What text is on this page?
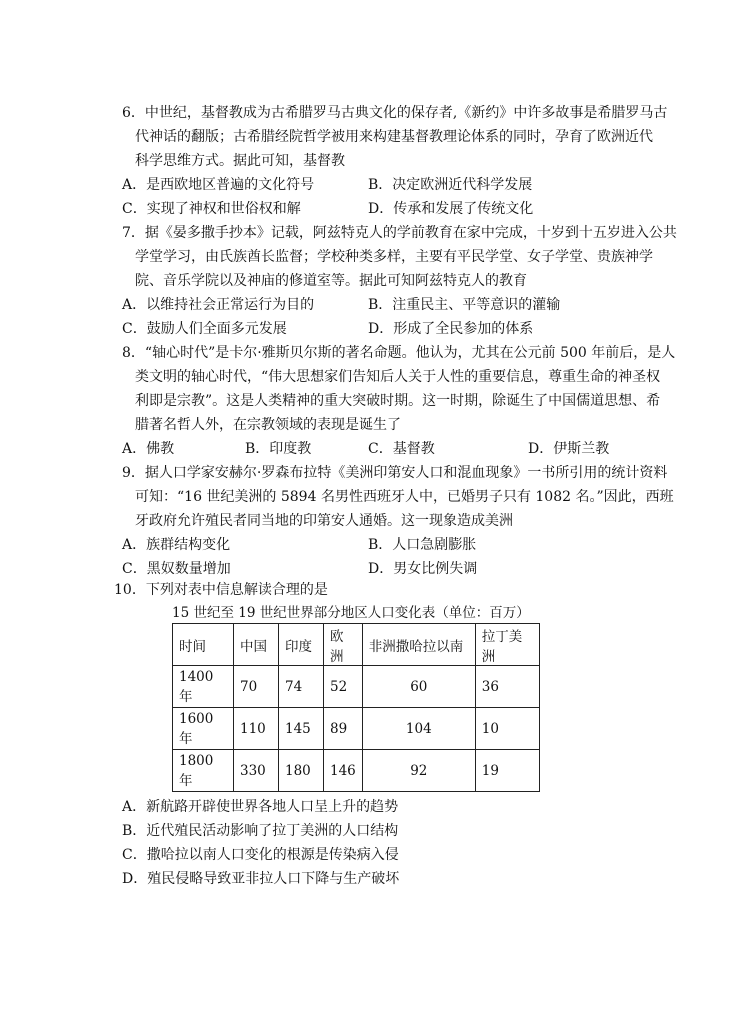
6．中世纪，基督教成为古希腊罗马古典文化的保存者,《新约》中许多故事是希腊罗马古
代神话的翻版；古希腊经院哲学被用来构建基督教理论体系的同时，孕育了欧洲近代
科学思维方式。据此可知，基督教
A．是西欧地区普遍的文化符号	B．决定欧洲近代科学发展
C．实现了神权和世俗权和解	D．传承和发展了传统文化
7．据《晏多撒手抄本》记载，阿兹特克人的学前教育在家中完成，十岁到十五岁进入公共
学堂学习，由氏族酋长监督；学校种类多样，主要有平民学堂、女子学堂、贵族神学
院、音乐学院以及神庙的修道室等。据此可知阿兹特克人的教育
A．以维持社会正常运行为目的	B．注重民主、平等意识的灌输
C．鼓励人们全面多元发展	D．形成了全民参加的体系
8．“轴心时代”是卡尔·雅斯贝尔斯的著名命题。他认为，尤其在公元前 500 年前后，是人
类文明的轴心时代，“伟大思想家们告知后人关于人性的重要信息，尊重生命的神圣权
利即是宗教”。这是人类精神的重大突破时期。这一时期，除诞生了中国儒道思想、希
腊著名哲人外，在宗教领域的表现是诞生了
A．佛教	B．印度教	C．基督教	D．伊斯兰教
9．据人口学家安赫尔·罗森布拉特《美洲印第安人口和混血现象》一书所引用的统计资料
可知：“16 世纪美洲的 5894 名男性西班牙人中，已婚男子只有 1082 名。”因此，西班
牙政府允许殖民者同当地的印第安人通婚。这一现象造成美洲
A．族群结构变化	B．人口急剧膨胀
C．黑奴数量增加	D．男女比例失调
10．下列对表中信息解读合理的是
15 世纪至 19 世纪世界部分地区人口变化表（单位：百万）
时间	中国	印度	欧洲	非洲撒哈拉以南	拉丁美洲
1400 年	70	74	52	60	36
1600 年	110	145	89	104	10
1800 年	330	180	146	92	19
A．新航路开辟使世界各地人口呈上升的趋势
B．近代殖民活动影响了拉丁美洲的人口结构
C．撒哈拉以南人口变化的根源是传染病入侵
D．殖民侵略导致亚非拉人口下降与生产破坏
